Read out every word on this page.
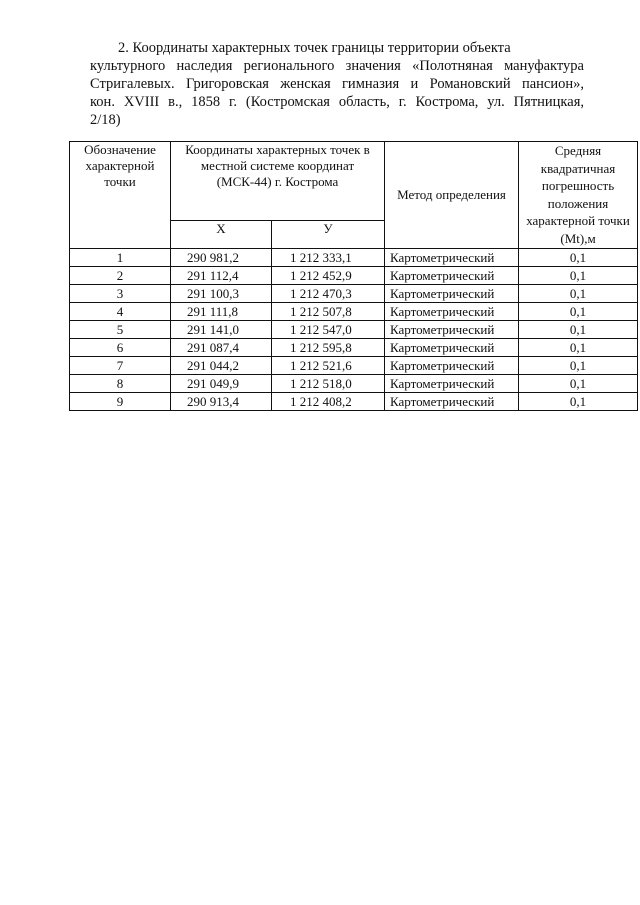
2. Координаты характерных точек границы территории объекта
культурного наследия регионального значения «Полотняная мануфактура
Стригалевых. Григоровская женская гимназия и Романовский пансион»,
кон. XVIII в., 1858 г. (Костромская область, г. Кострома, ул. Пятницкая,
2/18)
Обозначение характерной точки	Координаты характерных точек в местной системе координат (МСК-44) г. Кострома		Метод определения	Средняя квадратичная погрешность положения характерной точки (Mt),м
	X	У		
1	290 981,2	1 212 333,1	Картометрический	0,1
2	291 112,4	1 212 452,9	Картометрический	0,1
3	291 100,3	1 212 470,3	Картометрический	0,1
4	291 111,8	1 212 507,8	Картометрический	0,1
5	291 141,0	1 212 547,0	Картометрический	0,1
6	291 087,4	1 212 595,8	Картометрический	0,1
7	291 044,2	1 212 521,6	Картометрический	0,1
8	291 049,9	1 212 518,0	Картометрический	0,1
9	290 913,4	1 212 408,2	Картометрический	0,1
